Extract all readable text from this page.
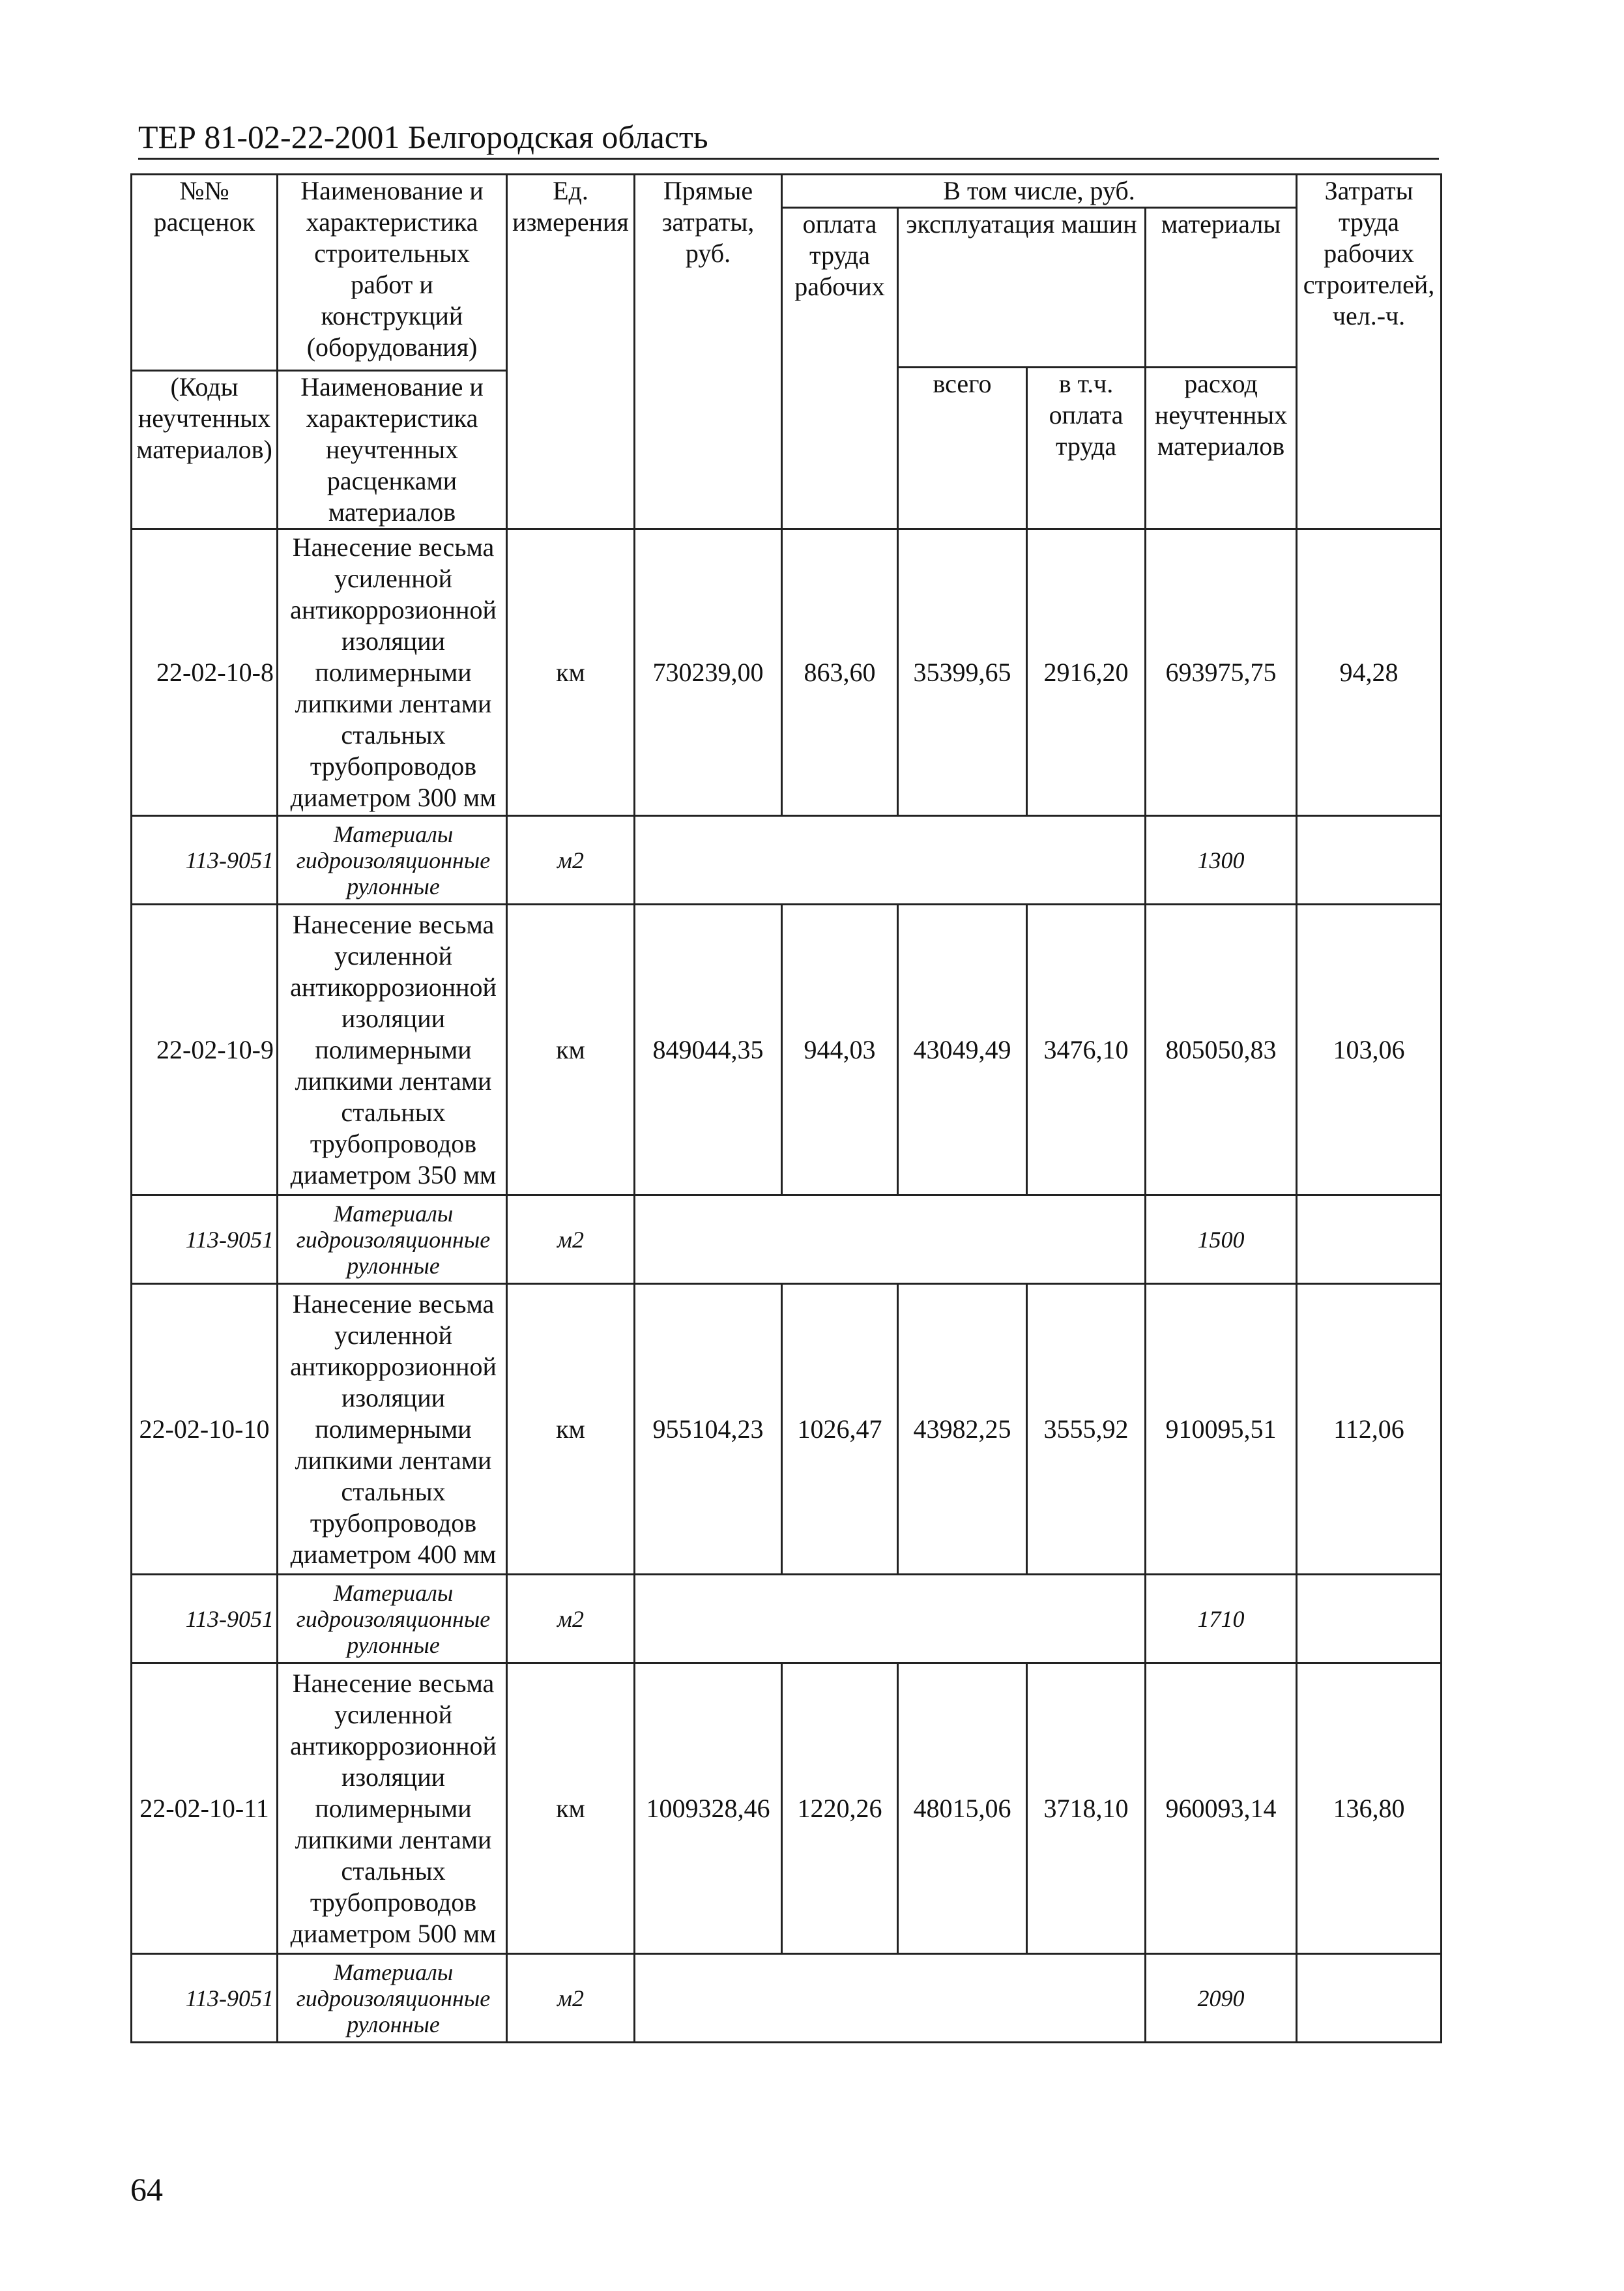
ТЕР 81-02-22-2001 Белгородская область
№№ расценок	Наименование и характеристика строительных работ и конструкций (оборудования)	Ед. измерения	Прямые затраты, руб.	В том числе, руб.				Затраты труда рабочих строителей, чел.-ч.
				оплата труда рабочих	эксплуатация машин		материалы	
					всего	в т.ч. оплата труда	расход неучтенных материалов	
(Коды неучтенных материалов)	Наименование и характеристика неучтенных расценками материалов							

22-02-10-8	Нанесение весьма усиленной антикоррозионной изоляции полимерными липкими лентами стальных трубопроводов диаметром 300 мм	км	730239,00	863,60	35399,65	2916,20	693975,75	94,28
113-9051	Материалы гидроизоляционные рулонные	м2					1300	
22-02-10-9	Нанесение весьма усиленной антикоррозионной изоляции полимерными липкими лентами стальных трубопроводов диаметром 350 мм	км	849044,35	944,03	43049,49	3476,10	805050,83	103,06
113-9051	Материалы гидроизоляционные рулонные	м2					1500	
22-02-10-10	Нанесение весьма усиленной антикоррозионной изоляции полимерными липкими лентами стальных трубопроводов диаметром 400 мм	км	955104,23	1026,47	43982,25	3555,92	910095,51	112,06
113-9051	Материалы гидроизоляционные рулонные	м2					1710	
22-02-10-11	Нанесение весьма усиленной антикоррозионной изоляции полимерными липкими лентами стальных трубопроводов диаметром 500 мм	км	1009328,46	1220,26	48015,06	3718,10	960093,14	136,80
113-9051	Материалы гидроизоляционные рулонные	м2					2090	
64
